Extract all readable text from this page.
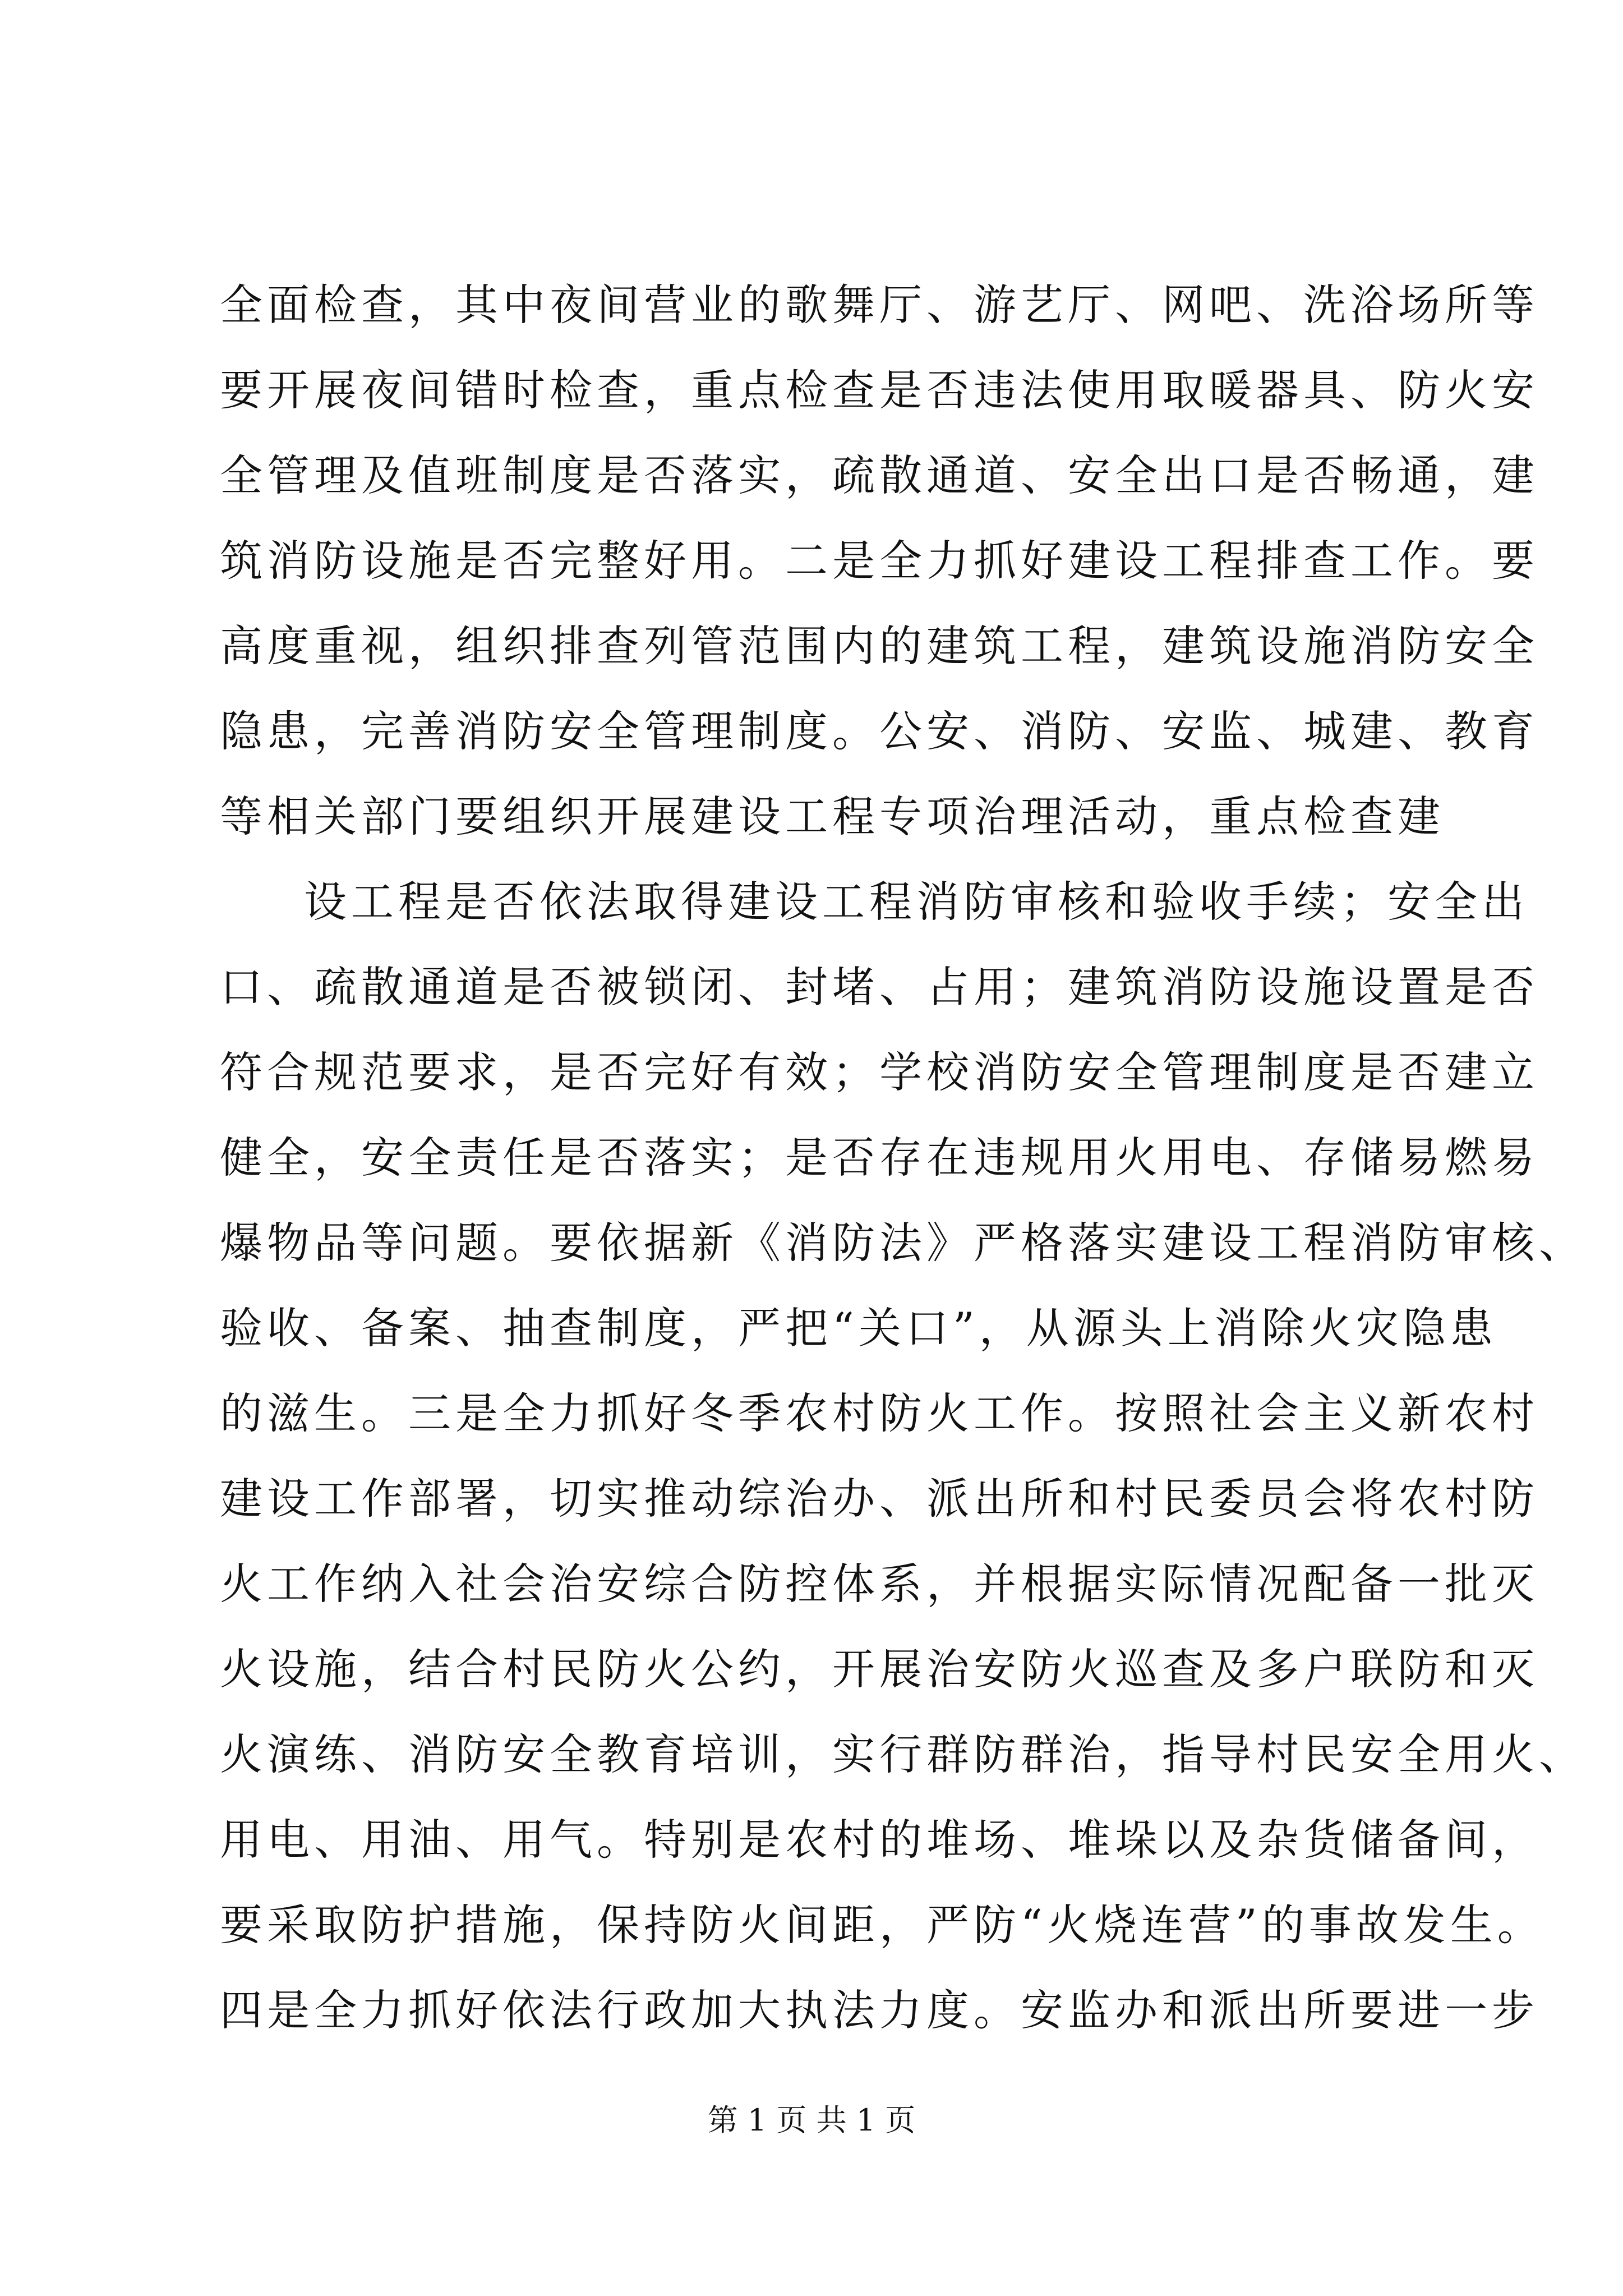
全面检查，其中夜间营业的歌舞厅、游艺厅、网吧、洗浴场所等
要开展夜间错时检查，重点检查是否违法使用取暖器具、防火安
全管理及值班制度是否落实，疏散通道、安全出口是否畅通，建
筑消防设施是否完整好用。二是全力抓好建设工程排查工作。要
高度重视，组织排查列管范围内的建筑工程，建筑设施消防安全
隐患，完善消防安全管理制度。公安、消防、安监、城建、教育
等相关部门要组织开展建设工程专项治理活动，重点检查建
设工程是否依法取得建设工程消防审核和验收手续；安全出
口、疏散通道是否被锁闭、封堵、占用；建筑消防设施设置是否
符合规范要求，是否完好有效；学校消防安全管理制度是否建立
健全，安全责任是否落实；是否存在违规用火用电、存储易燃易
爆物品等问题。要依据新《消防法》严格落实建设工程消防审核、
验收、备案、抽查制度，严把“关口”，从源头上消除火灾隐患
的滋生。三是全力抓好冬季农村防火工作。按照社会主义新农村
建设工作部署，切实推动综治办、派出所和村民委员会将农村防
火工作纳入社会治安综合防控体系，并根据实际情况配备一批灭
火设施，结合村民防火公约，开展治安防火巡查及多户联防和灭
火演练、消防安全教育培训，实行群防群治，指导村民安全用火、
用电、用油、用气。特别是农村的堆场、堆垛以及杂货储备间，
要采取防护措施，保持防火间距，严防“火烧连营”的事故发生。
四是全力抓好依法行政加大执法力度。安监办和派出所要进一步
第 1 页 共 1 页
